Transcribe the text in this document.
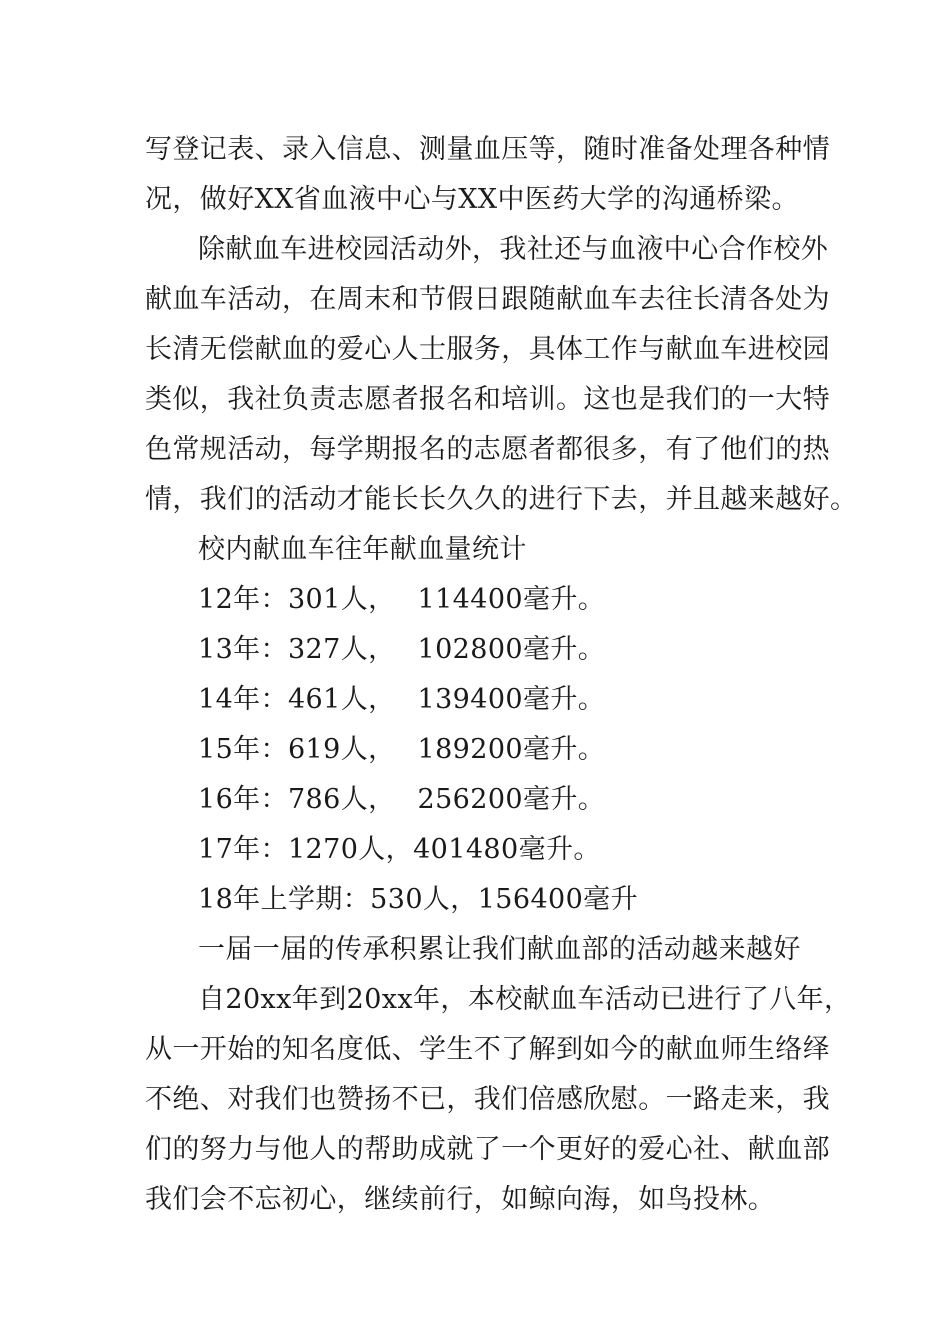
写登记表、录入信息、测量血压等，随时准备处理各种情
况，做好XX省血液中心与XX中医药大学的沟通桥梁。
除献血车进校园活动外，我社还与血液中心合作校外
献血车活动，在周末和节假日跟随献血车去往长清各处为
长清无偿献血的爱心人士服务，具体工作与献血车进校园
类似，我社负责志愿者报名和培训。这也是我们的一大特
色常规活动，每学期报名的志愿者都很多，有了他们的热
情，我们的活动才能长长久久的进行下去，并且越来越好。
校内献血车往年献血量统计
12年：301人， 114400毫升。
13年：327人， 102800毫升。
14年：461人， 139400毫升。
15年：619人， 189200毫升。
16年：786人， 256200毫升。
17年：1270人，401480毫升。
18年上学期：530人，156400毫升
一届一届的传承积累让我们献血部的活动越来越好
自20xx年到20xx年，本校献血车活动已进行了八年，
从一开始的知名度低、学生不了解到如今的献血师生络绎
不绝、对我们也赞扬不已，我们倍感欣慰。一路走来，我
们的努力与他人的帮助成就了一个更好的爱心社、献血部
我们会不忘初心，继续前行，如鲸向海，如鸟投林。
